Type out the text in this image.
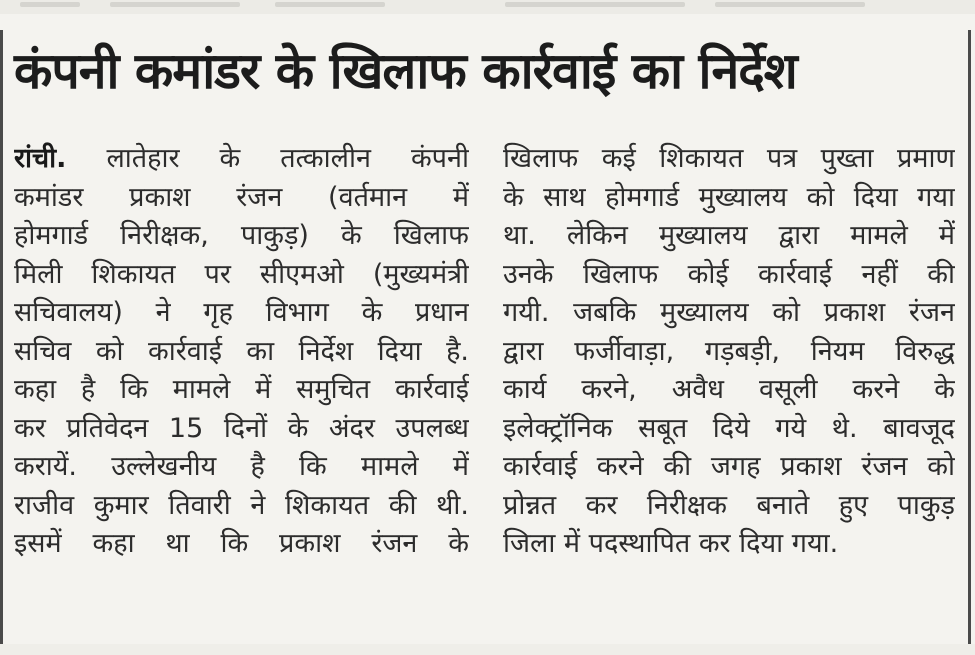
कंपनी कमांडर के खिलाफ कार्रवाई का निर्देश
रांची. लातेहार के तत्कालीन कंपनी
कमांडर प्रकाश रंजन (वर्तमान में
होमगार्ड निरीक्षक, पाकुड़) के खिलाफ
मिली शिकायत पर सीएमओ (मुख्यमंत्री
सचिवालय) ने गृह विभाग के प्रधान
सचिव को कार्रवाई का निर्देश दिया है.
कहा है कि मामले में समुचित कार्रवाई
कर प्रतिवेदन 15 दिनों के अंदर उपलब्ध
करायें. उल्लेखनीय है कि मामले में
राजीव कुमार तिवारी ने शिकायत की थी.
इसमें कहा था कि प्रकाश रंजन के
खिलाफ कई शिकायत पत्र पुख्ता प्रमाण
के साथ होमगार्ड मुख्यालय को दिया गया
था. लेकिन मुख्यालय द्वारा मामले में
उनके खिलाफ कोई कार्रवाई नहीं की
गयी. जबकि मुख्यालय को प्रकाश रंजन
द्वारा फर्जीवाड़ा, गड़बड़ी, नियम विरुद्ध
कार्य करने, अवैध वसूली करने के
इलेक्ट्रॉनिक सबूत दिये गये थे. बावजूद
कार्रवाई करने की जगह प्रकाश रंजन को
प्रोन्नत कर निरीक्षक बनाते हुए पाकुड़
जिला में पदस्थापित कर दिया गया.
